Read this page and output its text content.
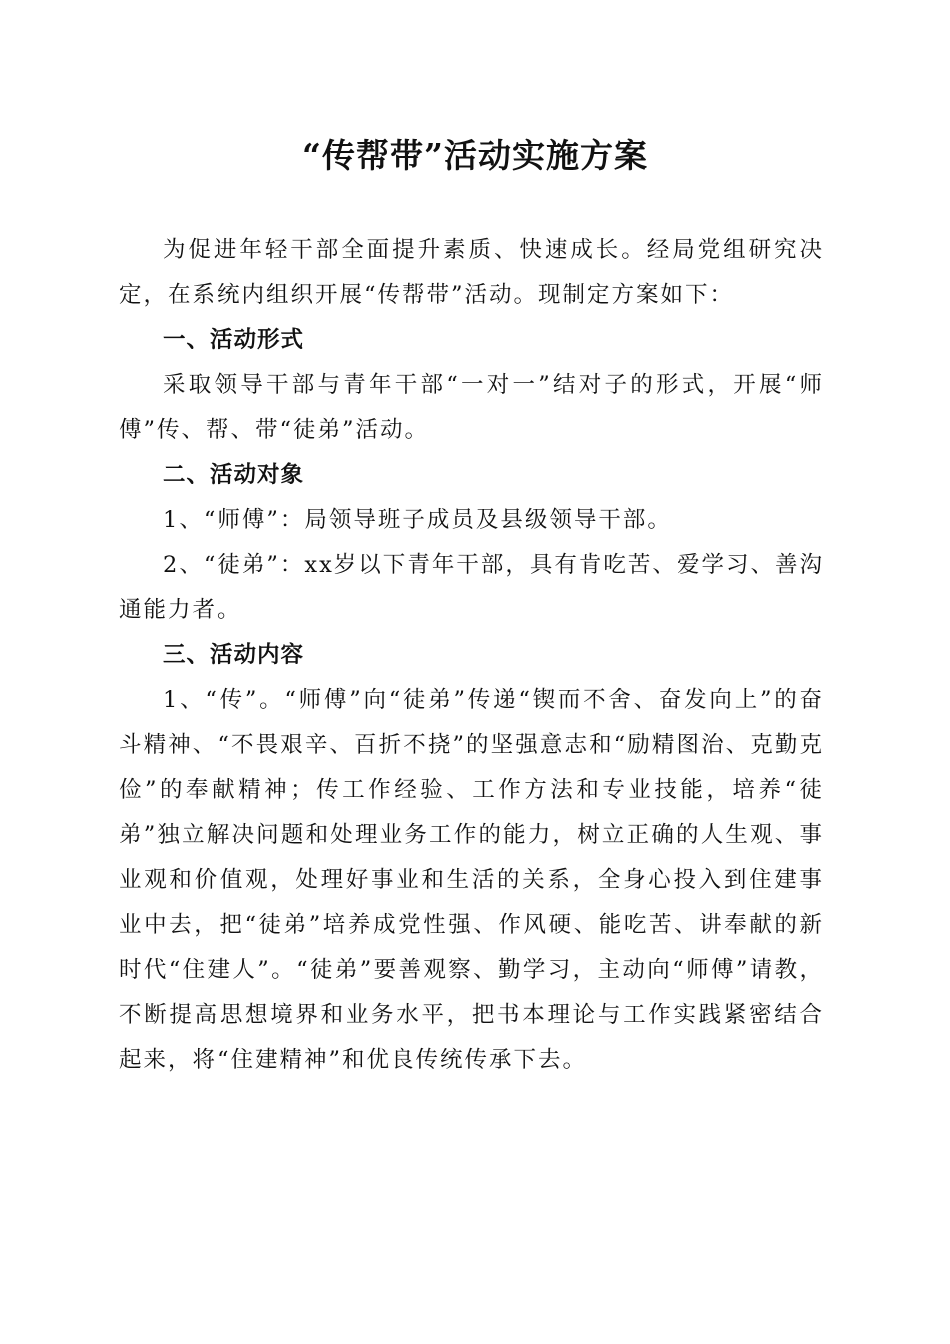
“传帮带”活动实施方案

为促进年轻干部全面提升素质、快速成长。经局党组研究决定，在系统内组织开展“传帮带”活动。现制定方案如下：

一、活动形式

采取领导干部与青年干部“一对一”结对子的形式，开展“师傅”传、帮、带“徒弟”活动。

二、活动对象

1、“师傅”：局领导班子成员及县级领导干部。

2、“徒弟”：xx岁以下青年干部，具有肯吃苦、爱学习、善沟通能力者。

三、活动内容

1、“传”。“师傅”向“徒弟”传递“锲而不舍、奋发向上”的奋斗精神、“不畏艰辛、百折不挠”的坚强意志和“励精图治、克勤克俭”的奉献精神；传工作经验、工作方法和专业技能，培养“徒弟”独立解决问题和处理业务工作的能力，树立正确的人生观、事业观和价值观，处理好事业和生活的关系，全身心投入到住建事业中去，把“徒弟”培养成党性强、作风硬、能吃苦、讲奉献的新时代“住建人”。“徒弟”要善观察、勤学习，主动向“师傅”请教，不断提高思想境界和业务水平，把书本理论与工作实践紧密结合起来，将“住建精神”和优良传统传承下去。
